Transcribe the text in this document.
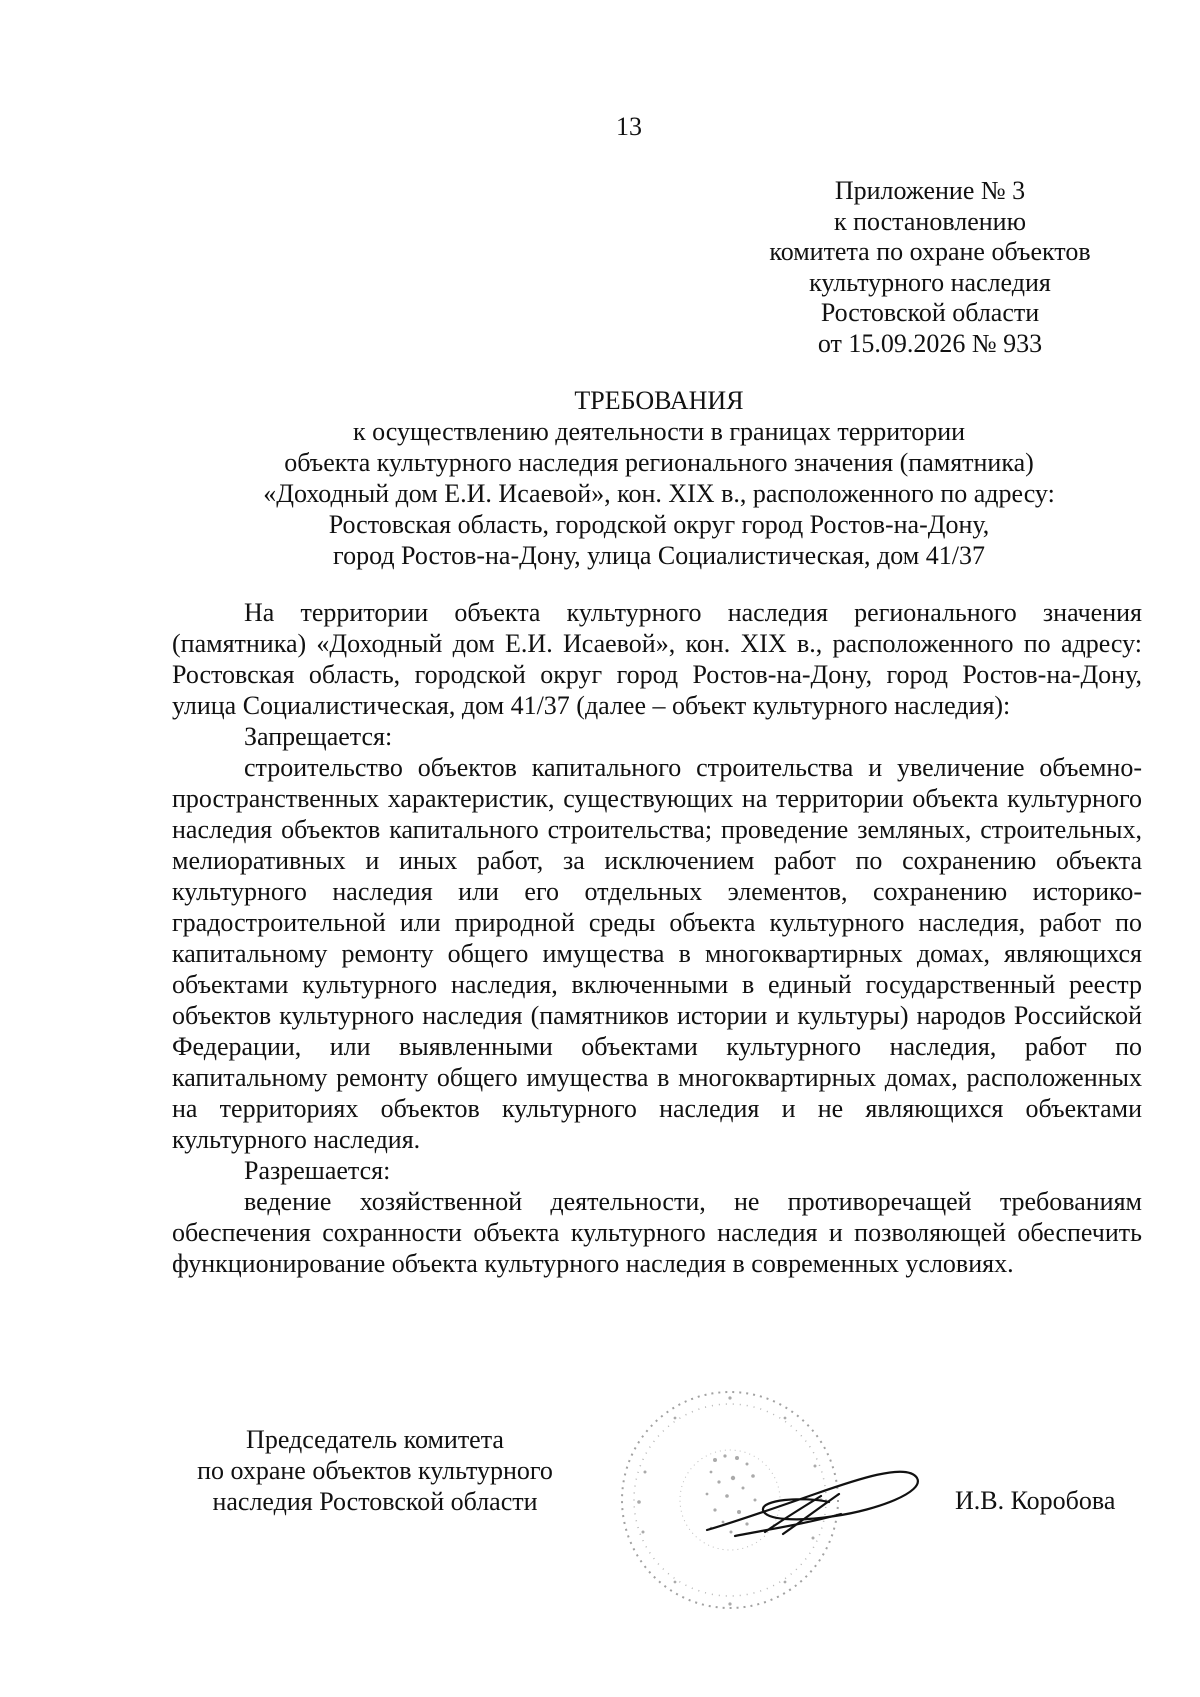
13
Приложение № 3
к постановлению
комитета по охране объектов
культурного наследия
Ростовской области
от 15.09.2026 № 933
ТРЕБОВАНИЯ
к осуществлению деятельности в границах территории
объекта культурного наследия регионального значения (памятника)
«Доходный дом Е.И. Исаевой», кон. XIX в., расположенного по адресу:
Ростовская область, городской округ город Ростов-на-Дону,
город Ростов-на-Дону, улица Социалистическая, дом 41/37

На территории объекта культурного наследия регионального значения (памятника) «Доходный дом Е.И. Исаевой», кон. XIX в., расположенного по адресу: Ростовская область, городской округ город Ростов-на-Дону, город Ростов-на-Дону, улица Социалистическая, дом 41/37 (далее – объект культурного наследия):

Запрещается:

строительство объектов капитального строительства и увеличение объемно-пространственных характеристик, существующих на территории объекта культурного наследия объектов капитального строительства; проведение земляных, строительных, мелиоративных и иных работ, за исключением работ по сохранению объекта культурного наследия или его отдельных элементов, сохранению историко-градостроительной или природной среды объекта культурного наследия, работ по капитальному ремонту общего имущества в многоквартирных домах, являющихся объектами культурного наследия, включенными в единый государственный реестр объектов культурного наследия (памятников истории и культуры) народов Российской Федерации, или выявленными объектами культурного наследия, работ по капитальному ремонту общего имущества в многоквартирных домах, расположенных на территориях объектов культурного наследия и не являющихся объектами культурного наследия.

Разрешается:

ведение хозяйственной деятельности, не противоречащей требованиям обеспечения сохранности объекта культурного наследия и позволяющей обеспечить функционирование объекта культурного наследия в современных условиях.

Председатель комитета
по охране объектов культурного
наследия Ростовской области	И.В. Коробова
